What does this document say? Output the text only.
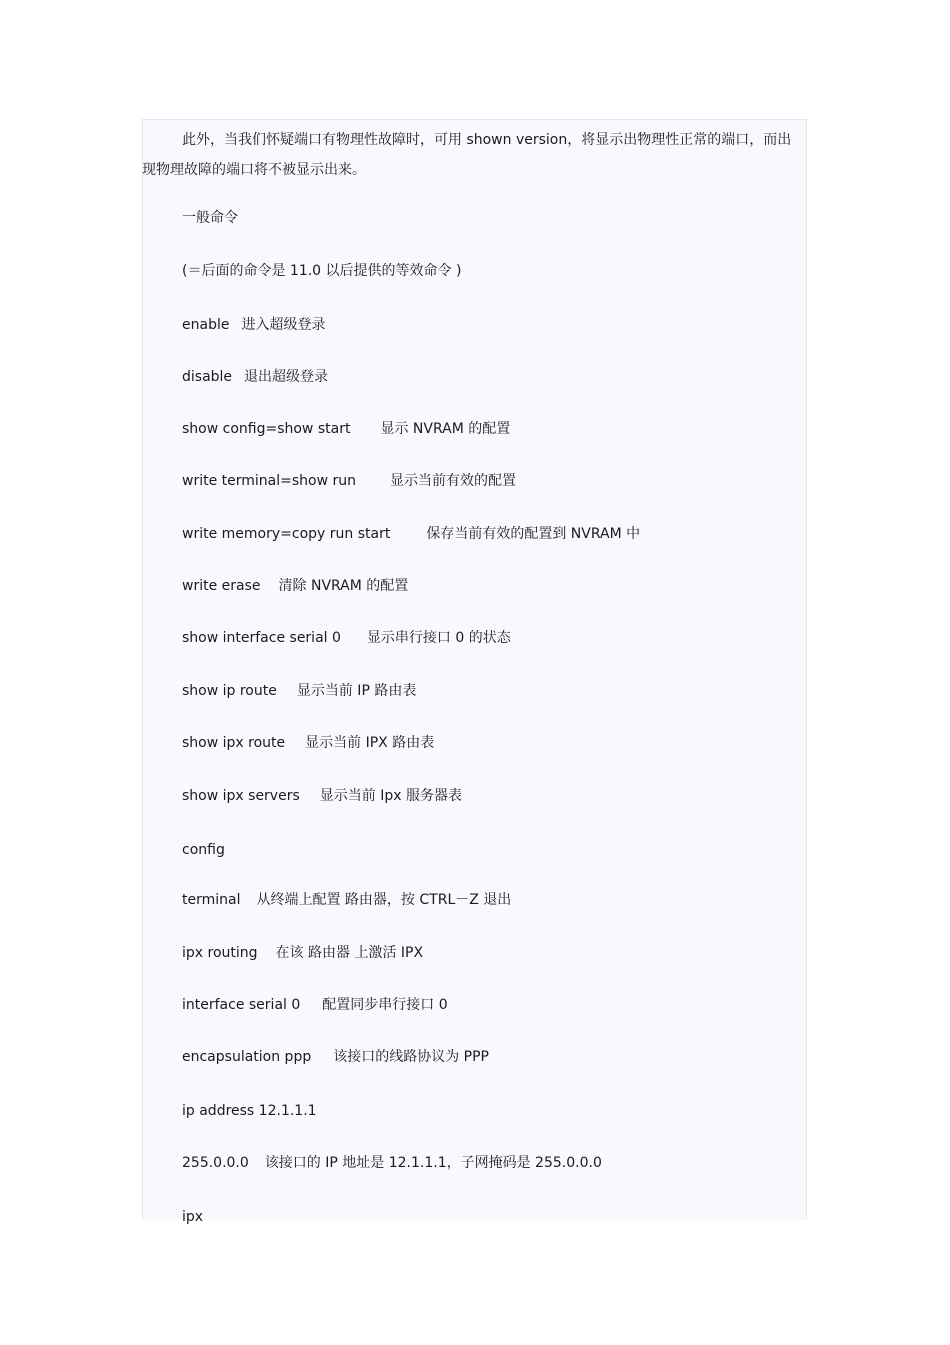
此外，当我们怀疑端口有物理性故障时，可用 shown version，将显示出物理性正常的端口，而出现物理故障的端口将不被显示出来。
一般命令
(＝后面的命令是 11.0 以后提供的等效命令 )
enable 进入超级登录
disable 退出超级登录
show config=show start 显示 NVRAM 的配置
write terminal=show run 显示当前有效的配置
write memory=copy run start	保存当前有效的配置到 NVRAM 中
write erase 清除 NVRAM 的配置
show interface serial 0 显示串行接口 0 的状态
show ip route 显示当前 IP 路由表
show ipx route 显示当前 IPX 路由表
show ipx servers 显示当前 Ipx 服务器表
config
terminal 从终端上配置 路由器，按 CTRL－Z 退出
ipx routing 在该 路由器 上激活 IPX
interface serial 0 配置同步串行接口 0
encapsulation ppp 该接口的线路协议为 PPP
ip address 12.1.1.1
255.0.0.0 该接口的 IP 地址是 12.1.1.1，子网掩码是 255.0.0.0
ipx
